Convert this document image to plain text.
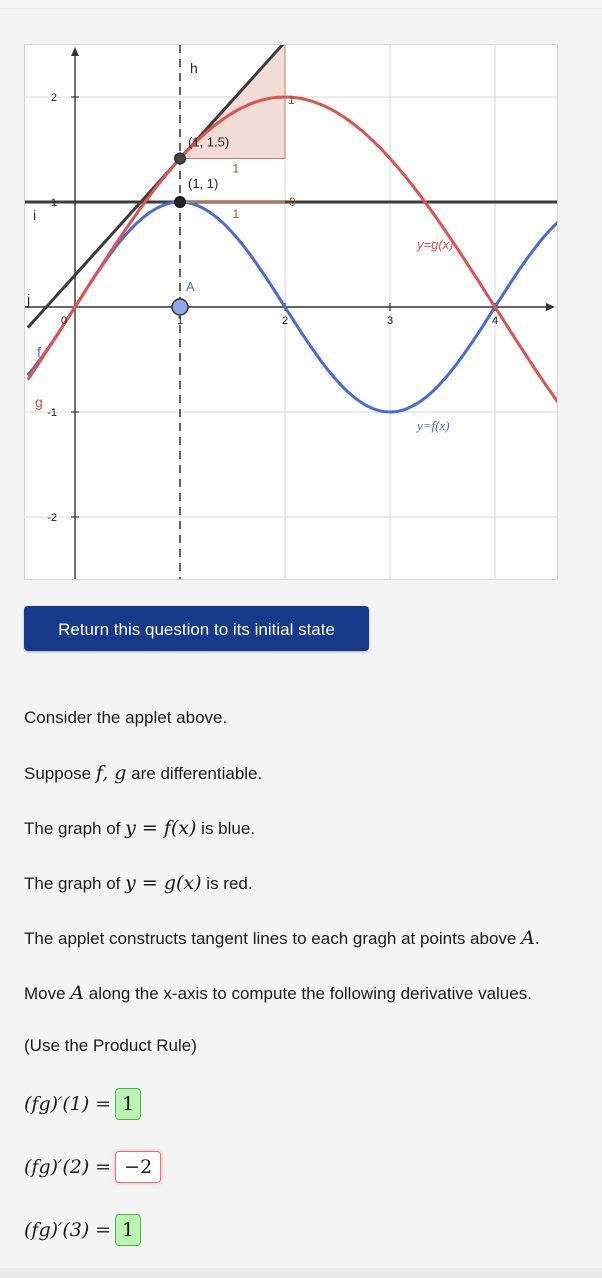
0	1	2	3	4
2
1
-1
-2
h
i
j
f
g
A
(1, 1.5)
(1, 1)
1
1
1
0
y=g(x)
y=f(x)
Return this question to its initial state
Consider the applet above.
Suppose f, g are differentiable.
The graph of y = f(x) is blue.
The graph of y = g(x) is red.
The applet constructs tangent lines to each gragh at points above A.
Move A along the x-axis to compute the following derivative values.
(Use the Product Rule)
(fg)′(1) = 1
(fg)′(2) = −2
(fg)′(3) = 1
